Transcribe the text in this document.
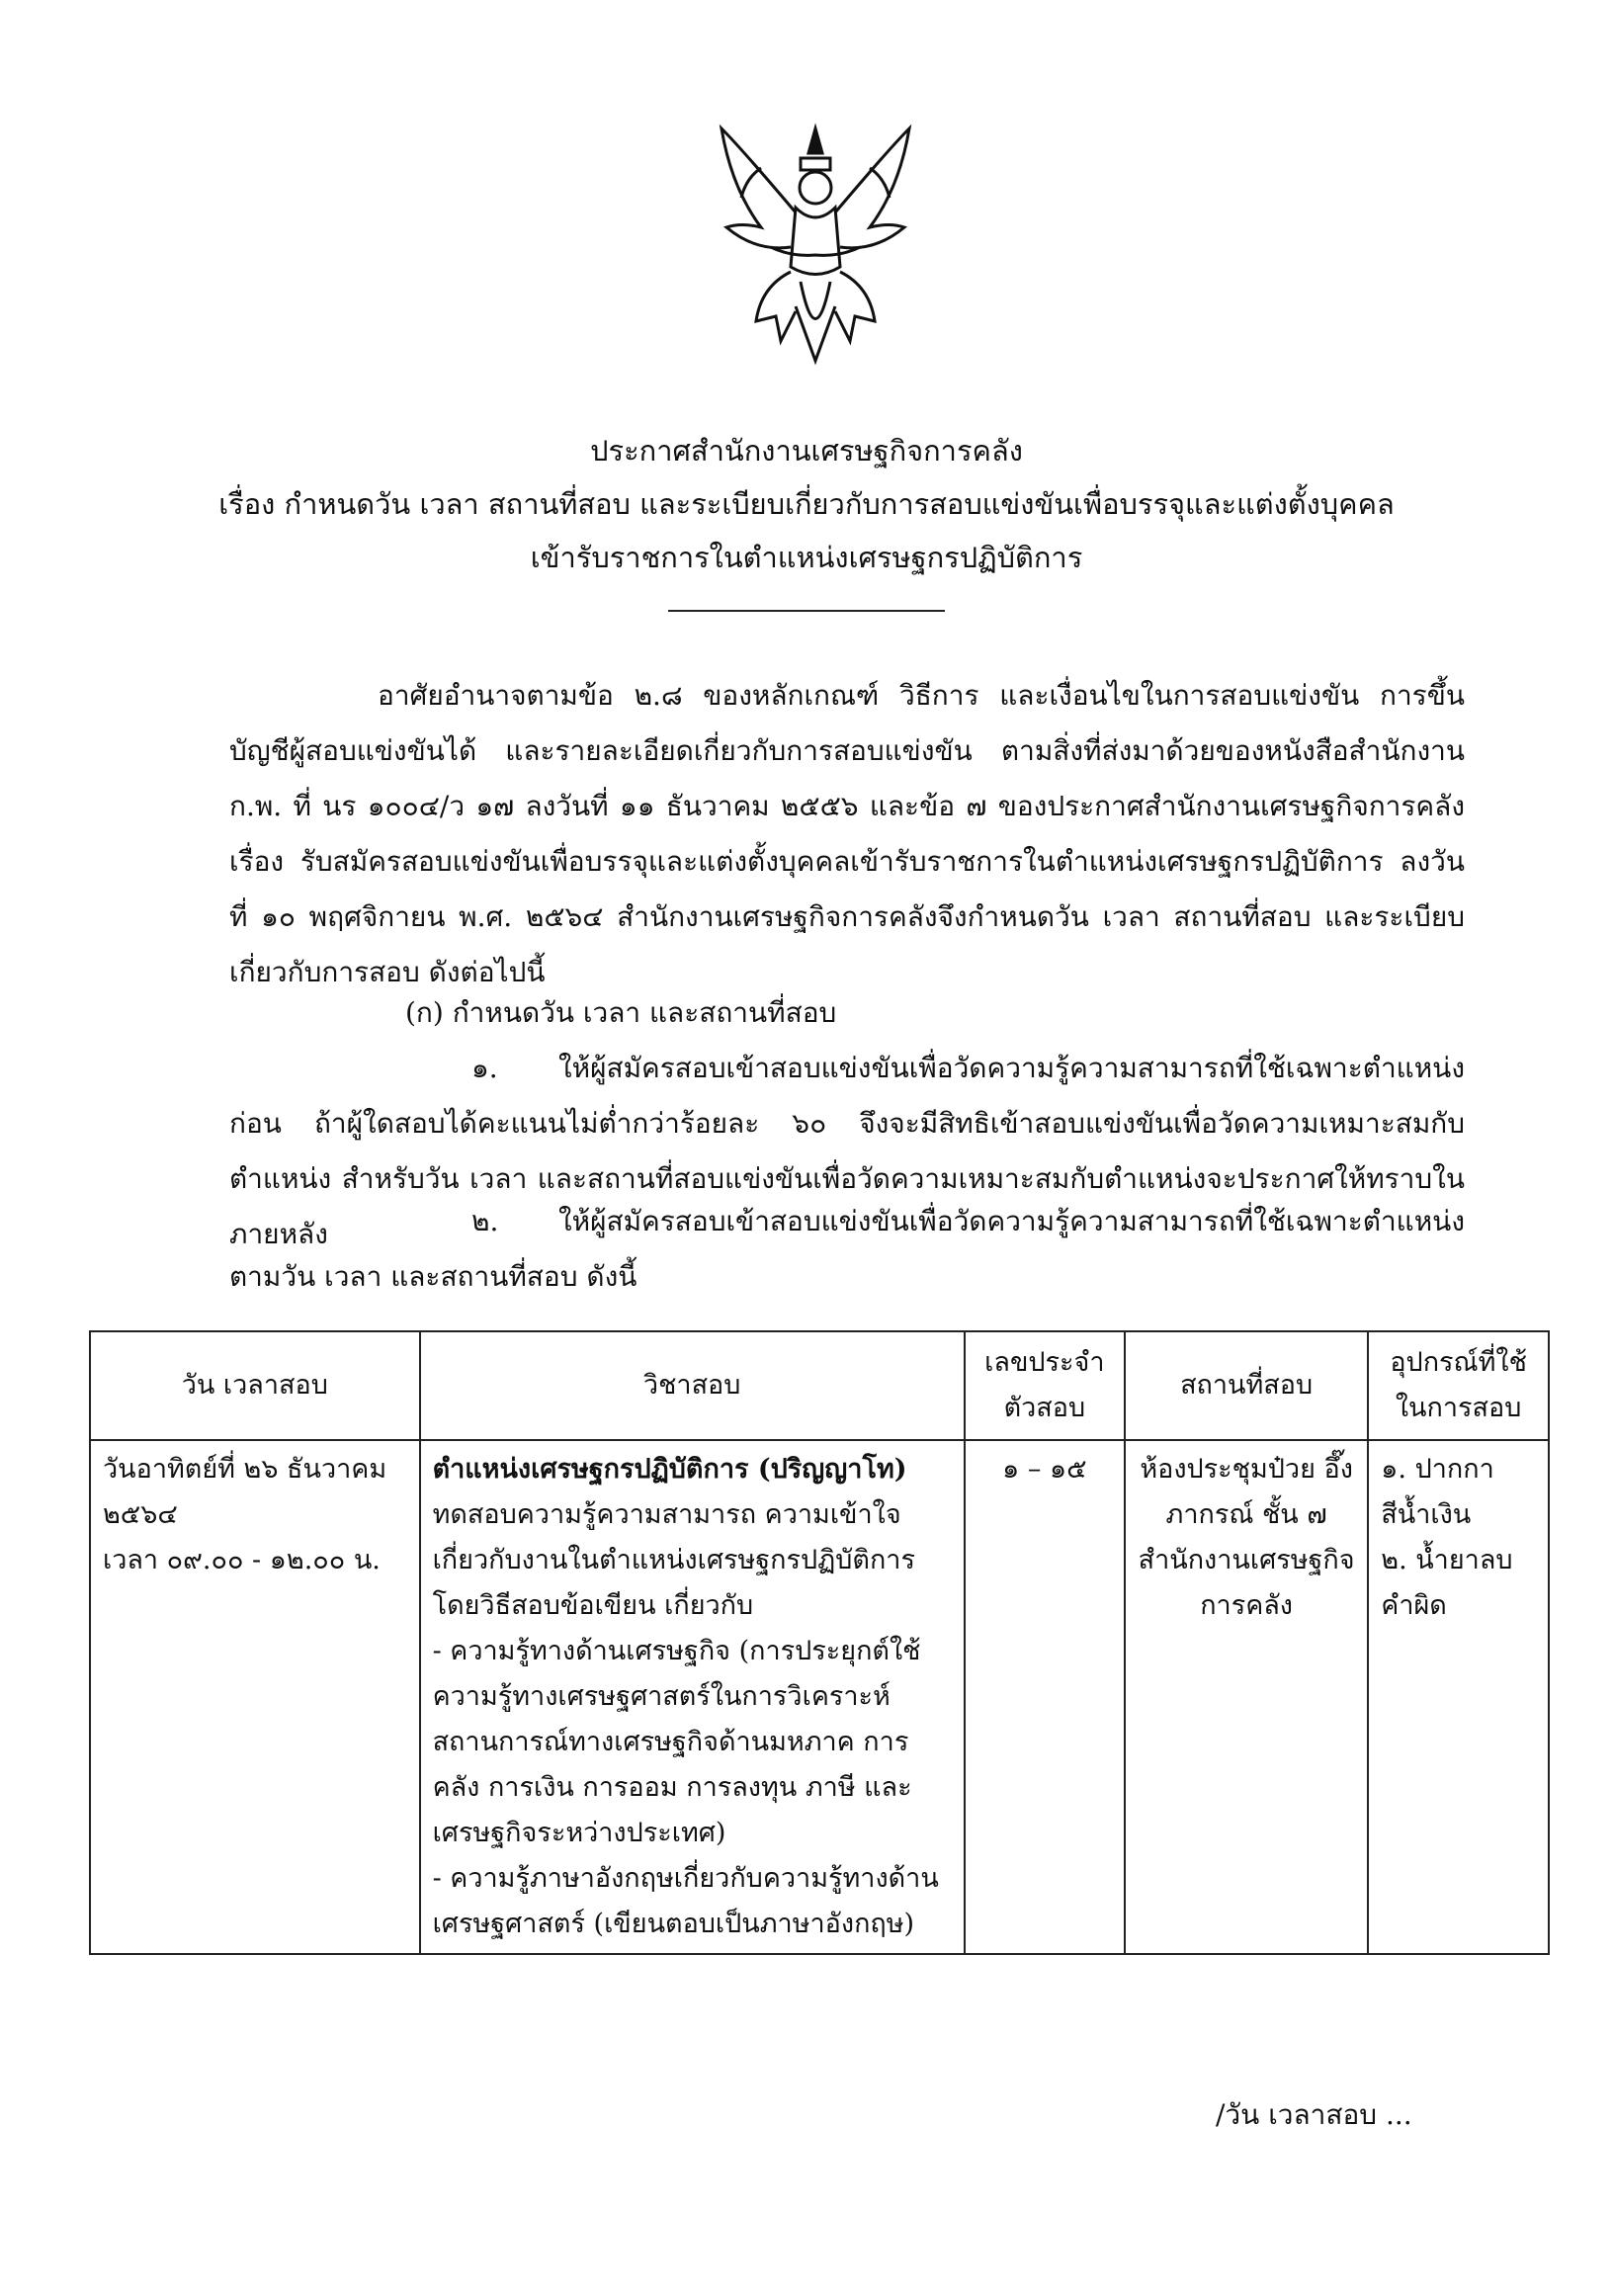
ประกาศสำนักงานเศรษฐกิจการคลัง
เรื่อง กำหนดวัน เวลา สถานที่สอบ และระเบียบเกี่ยวกับการสอบแข่งขันเพื่อบรรจุและแต่งตั้งบุคคล
เข้ารับราชการในตำแหน่งเศรษฐกรปฏิบัติการ
อาศัยอำนาจตามข้อ ๒.๘ ของหลักเกณฑ์ วิธีการ และเงื่อนไขในการสอบแข่งขัน การขึ้นบัญชีผู้สอบแข่งขันได้ และรายละเอียดเกี่ยวกับการสอบแข่งขัน ตามสิ่งที่ส่งมาด้วยของหนังสือสำนักงาน ก.พ. ที่ นร ๑๐๐๔/ว ๑๗ ลงวันที่ ๑๑ ธันวาคม ๒๕๕๖ และข้อ ๗ ของประกาศสำนักงานเศรษฐกิจการคลัง เรื่อง รับสมัครสอบแข่งขันเพื่อบรรจุและแต่งตั้งบุคคลเข้ารับราชการในตำแหน่งเศรษฐกรปฏิบัติการ ลงวันที่ ๑๐ พฤศจิกายน พ.ศ. ๒๕๖๔ สำนักงานเศรษฐกิจการคลังจึงกำหนดวัน เวลา สถานที่สอบ และระเบียบเกี่ยวกับการสอบ ดังต่อไปนี้
(ก) กำหนดวัน เวลา และสถานที่สอบ
๑. ให้ผู้สมัครสอบเข้าสอบแข่งขันเพื่อวัดความรู้ความสามารถที่ใช้เฉพาะตำแหน่งก่อน ถ้าผู้ใดสอบได้คะแนนไม่ต่ำกว่าร้อยละ ๖๐ จึงจะมีสิทธิเข้าสอบแข่งขันเพื่อวัดความเหมาะสมกับตำแหน่ง สำหรับวัน เวลา และสถานที่สอบแข่งขันเพื่อวัดความเหมาะสมกับตำแหน่งจะประกาศให้ทราบในภายหลัง	๒. ให้ผู้สมัครสอบเข้าสอบแข่งขันเพื่อวัดความรู้ความสามารถที่ใช้เฉพาะตำแหน่ง ตามวัน เวลา และสถานที่สอบ ดังนี้
วัน เวลาสอบ	วิชาสอบ	เลขประจำตัวสอบ	สถานที่สอบ	อุปกรณ์ที่ใช้ในการสอบ

วันอาทิตย์ที่ ๒๖ ธันวาคม ๒๕๖๔
เวลา ๐๙.๐๐ - ๑๒.๐๐ น.	ตำแหน่งเศรษฐกรปฏิบัติการ (ปริญญาโท)
ทดสอบความรู้ความสามารถ ความเข้าใจเกี่ยวกับงานในตำแหน่งเศรษฐกรปฏิบัติการ โดยวิธีสอบข้อเขียน เกี่ยวกับ
- ความรู้ทางด้านเศรษฐกิจ (การประยุกต์ใช้ความรู้ทางเศรษฐศาสตร์ในการวิเคราะห์สถานการณ์ทางเศรษฐกิจด้านมหภาค การคลัง การเงิน การออม การลงทุน ภาษี และเศรษฐกิจระหว่างประเทศ)
- ความรู้ภาษาอังกฤษเกี่ยวกับความรู้ทางด้านเศรษฐศาสตร์ (เขียนตอบเป็นภาษาอังกฤษ)	๑ – ๑๕	ห้องประชุมป๋วย อึ๊งภากรณ์ ชั้น ๗ สำนักงานเศรษฐกิจการคลัง	๑. ปากกาสีน้ำเงิน
๒. น้ำยาลบคำผิด
/วัน เวลาสอบ ...
